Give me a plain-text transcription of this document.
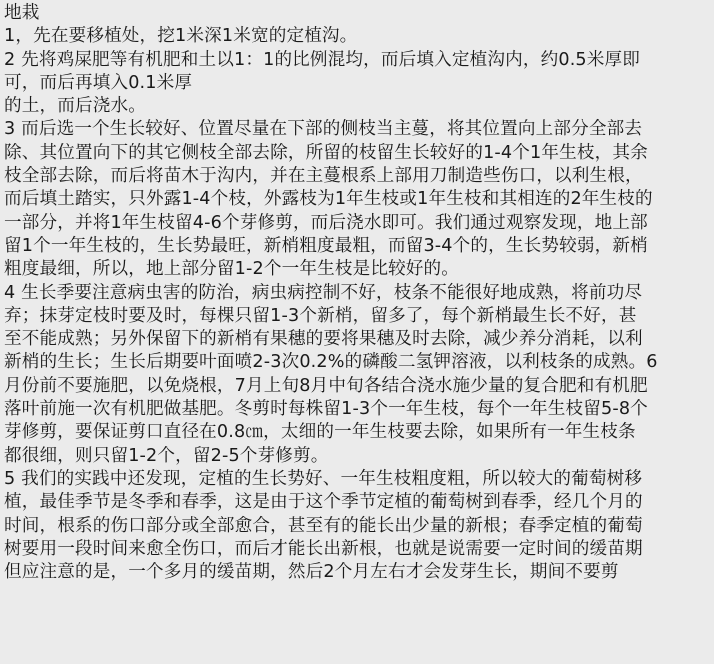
地栽
1，先在要移植处，挖1米深1米宽的定植沟。
2 先将鸡屎肥等有机肥和土以1：1的比例混均，而后填入定植沟内，约0.5米厚即
可，而后再填入0.1米厚
的土，而后浇水。
3 而后选一个生长较好、位置尽量在下部的侧枝当主蔓，将其位置向上部分全部去
除、其位置向下的其它侧枝全部去除，所留的枝留生长较好的1-4个1年生枝，其余
枝全部去除，而后将苗木于沟内，并在主蔓根系上部用刀制造些伤口，以利生根，
而后填土踏实，只外露1-4个枝，外露枝为1年生枝或1年生枝和其相连的2年生枝的
一部分，并将1年生枝留4-6个芽修剪，而后浇水即可。我们通过观察发现，地上部
留1个一年生枝的，生长势最旺，新梢粗度最粗，而留3-4个的，生长势较弱，新梢
粗度最细，所以，地上部分留1-2个一年生枝是比较好的。
4 生长季要注意病虫害的防治，病虫病控制不好，枝条不能很好地成熟，将前功尽
弃；抹芽定枝时要及时，每棵只留1-3个新梢，留多了，每个新梢最生长不好，甚
至不能成熟；另外保留下的新梢有果穗的要将果穗及时去除，减少养分消耗，以利
新梢的生长；生长后期要叶面喷2-3次0.2%的磷酸二氢钾溶液，以利枝条的成熟。6
月份前不要施肥，以免烧根，7月上旬8月中旬各结合浇水施少量的复合肥和有机肥
落叶前施一次有机肥做基肥。冬剪时每株留1-3个一年生枝，每个一年生枝留5-8个
芽修剪，要保证剪口直径在0.8㎝，太细的一年生枝要去除，如果所有一年生枝条
都很细，则只留1-2个，留2-5个芽修剪。
5 我们的实践中还发现，定植的生长势好、一年生枝粗度粗，所以较大的葡萄树移
植，最佳季节是冬季和春季，这是由于这个季节定植的葡萄树到春季，经几个月的
时间，根系的伤口部分或全部愈合，甚至有的能长出少量的新根；春季定植的葡萄
树要用一段时间来愈全伤口，而后才能长出新根，也就是说需要一定时间的缓苗期
但应注意的是，一个多月的缓苗期，然后2个月左右才会发芽生长，期间不要剪
